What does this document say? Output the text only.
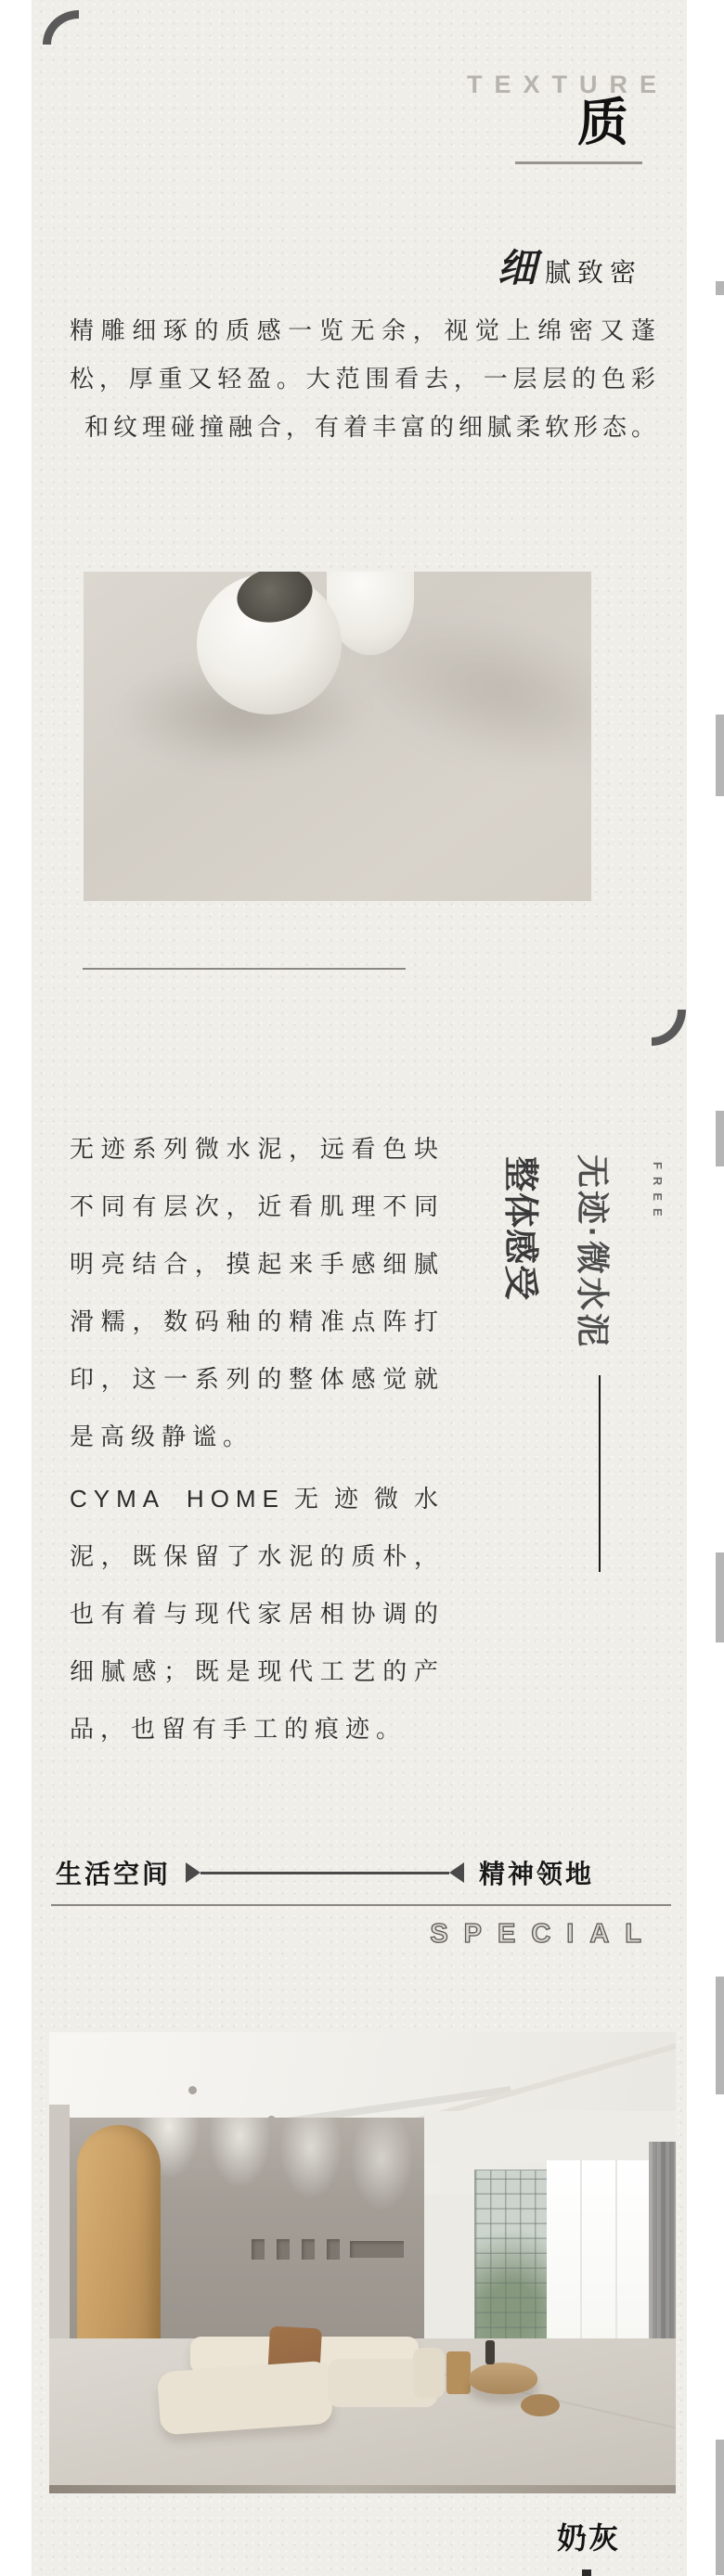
TEXTURE
质
细 腻致密

精雕细琢的质感一览无余，视觉上绵密又蓬松，厚重又轻盈。大范围看去，一层层的色彩和纹理碰撞融合，有着丰富的细腻柔软形态。

无迹系列微水泥，远看色块不同有层次，近看肌理不同明亮结合，摸起来手感细腻滑糯，数码釉的精准点阵打印，这一系列的整体感觉就是高级静谧。

CYMA HOME无迹微水泥，既保留了水泥的质朴，也有着与现代家居相协调的细腻感；既是现代工艺的产品，也留有手工的痕迹。

FREE
无迹·微水泥
整体感受
生活空间	精神领地
SPECIAL
奶灰
